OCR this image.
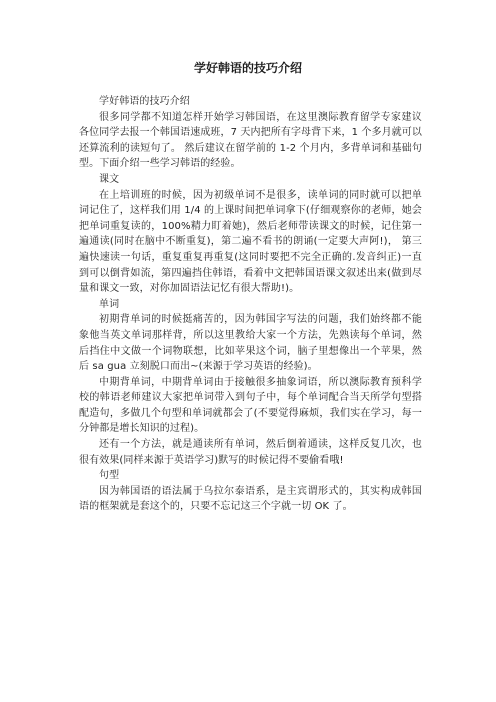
学好韩语的技巧介绍

学好韩语的技巧介绍

很多同学都不知道怎样开始学习韩国语，在这里澳际教育留学专家建议各位同学去报一个韩国语速成班，7 天内把所有字母背下来，1 个多月就可以还算流利的读短句了。 然后建议在留学前的 1-2 个月内，多背单词和基础句型。下面介绍一些学习韩语的经验。

课文

在上培训班的时候，因为初级单词不是很多，读单词的同时就可以把单词记住了，这样我们用 1/4 的上课时间把单词拿下(仔细观察你的老师，她会把单词重复读的，100%精力盯着她)，然后老师带读课文的时候，记住第一遍通读(同时在脑中不断重复)，第二遍不看书的朗诵(一定要大声阿!)， 第三遍快速读一句话，重复重复再重复(这同时要把不完全正确的.发音纠正)一直到可以倒背如流，第四遍挡住韩语，看着中文把韩国语课文叙述出来(做到尽量和课文一致，对你加固语法记忆有很大帮助!)。

单词

初期背单词的时候挺痛苦的，因为韩国字写法的问题，我们始终都不能象他当英文单词那样背，所以这里教给大家一个方法，先熟读每个单词，然后挡住中文做一个词物联想，比如苹果这个词，脑子里想像出一个苹果，然后 sa gua 立刻脱口而出~(来源于学习英语的经验)。

中期背单词，中期背单词由于接触很多抽象词语，所以澳际教育预科学校的韩语老师建议大家把单词带入到句子中，每个单词配合当天所学句型搭配造句，多做几个句型和单词就都会了(不要觉得麻烦，我们实在学习，每一分钟都是增长知识的过程)。

还有一个方法，就是通读所有单词，然后倒着通读，这样反复几次，也很有效果(同样来源于英语学习)默写的时候记得不要偷看哦!

句型

因为韩国语的语法属于乌拉尔泰语系，是主宾谓形式的，其实构成韩国语的框架就是套这个的，只要不忘记这三个字就一切 OK 了。
